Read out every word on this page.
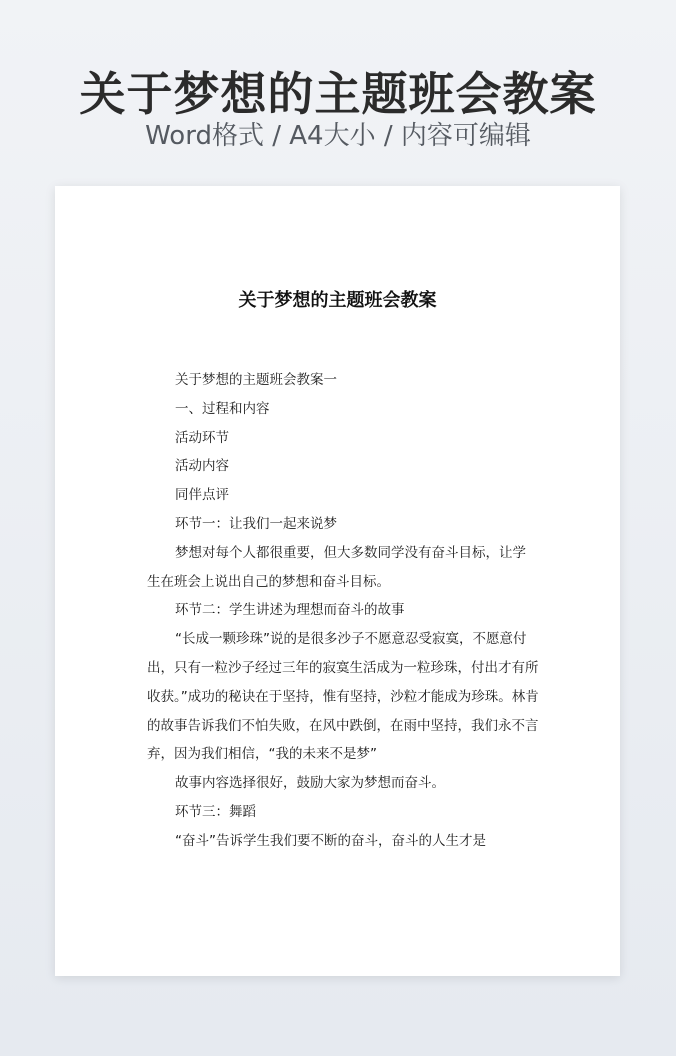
关于梦想的主题班会教案
Word格式 / A4大小 / 内容可编辑
关于梦想的主题班会教案

关于梦想的主题班会教案一

一、过程和内容

活动环节

活动内容

同伴点评

环节一：让我们一起来说梦

梦想对每个人都很重要，但大多数同学没有奋斗目标，让学生在班会上说出自己的梦想和奋斗目标。

环节二：学生讲述为理想而奋斗的故事

“长成一颗珍珠”说的是很多沙子不愿意忍受寂寞，不愿意付出，只有一粒沙子经过三年的寂寞生活成为一粒珍珠，付出才有所收获。”成功的秘诀在于坚持，惟有坚持，沙粒才能成为珍珠。林肯的故事告诉我们不怕失败，在风中跌倒，在雨中坚持，我们永不言弃，因为我们相信，“我的未来不是梦”

故事内容选择很好，鼓励大家为梦想而奋斗。

环节三：舞蹈

“奋斗”告诉学生我们要不断的奋斗，奋斗的人生才是
